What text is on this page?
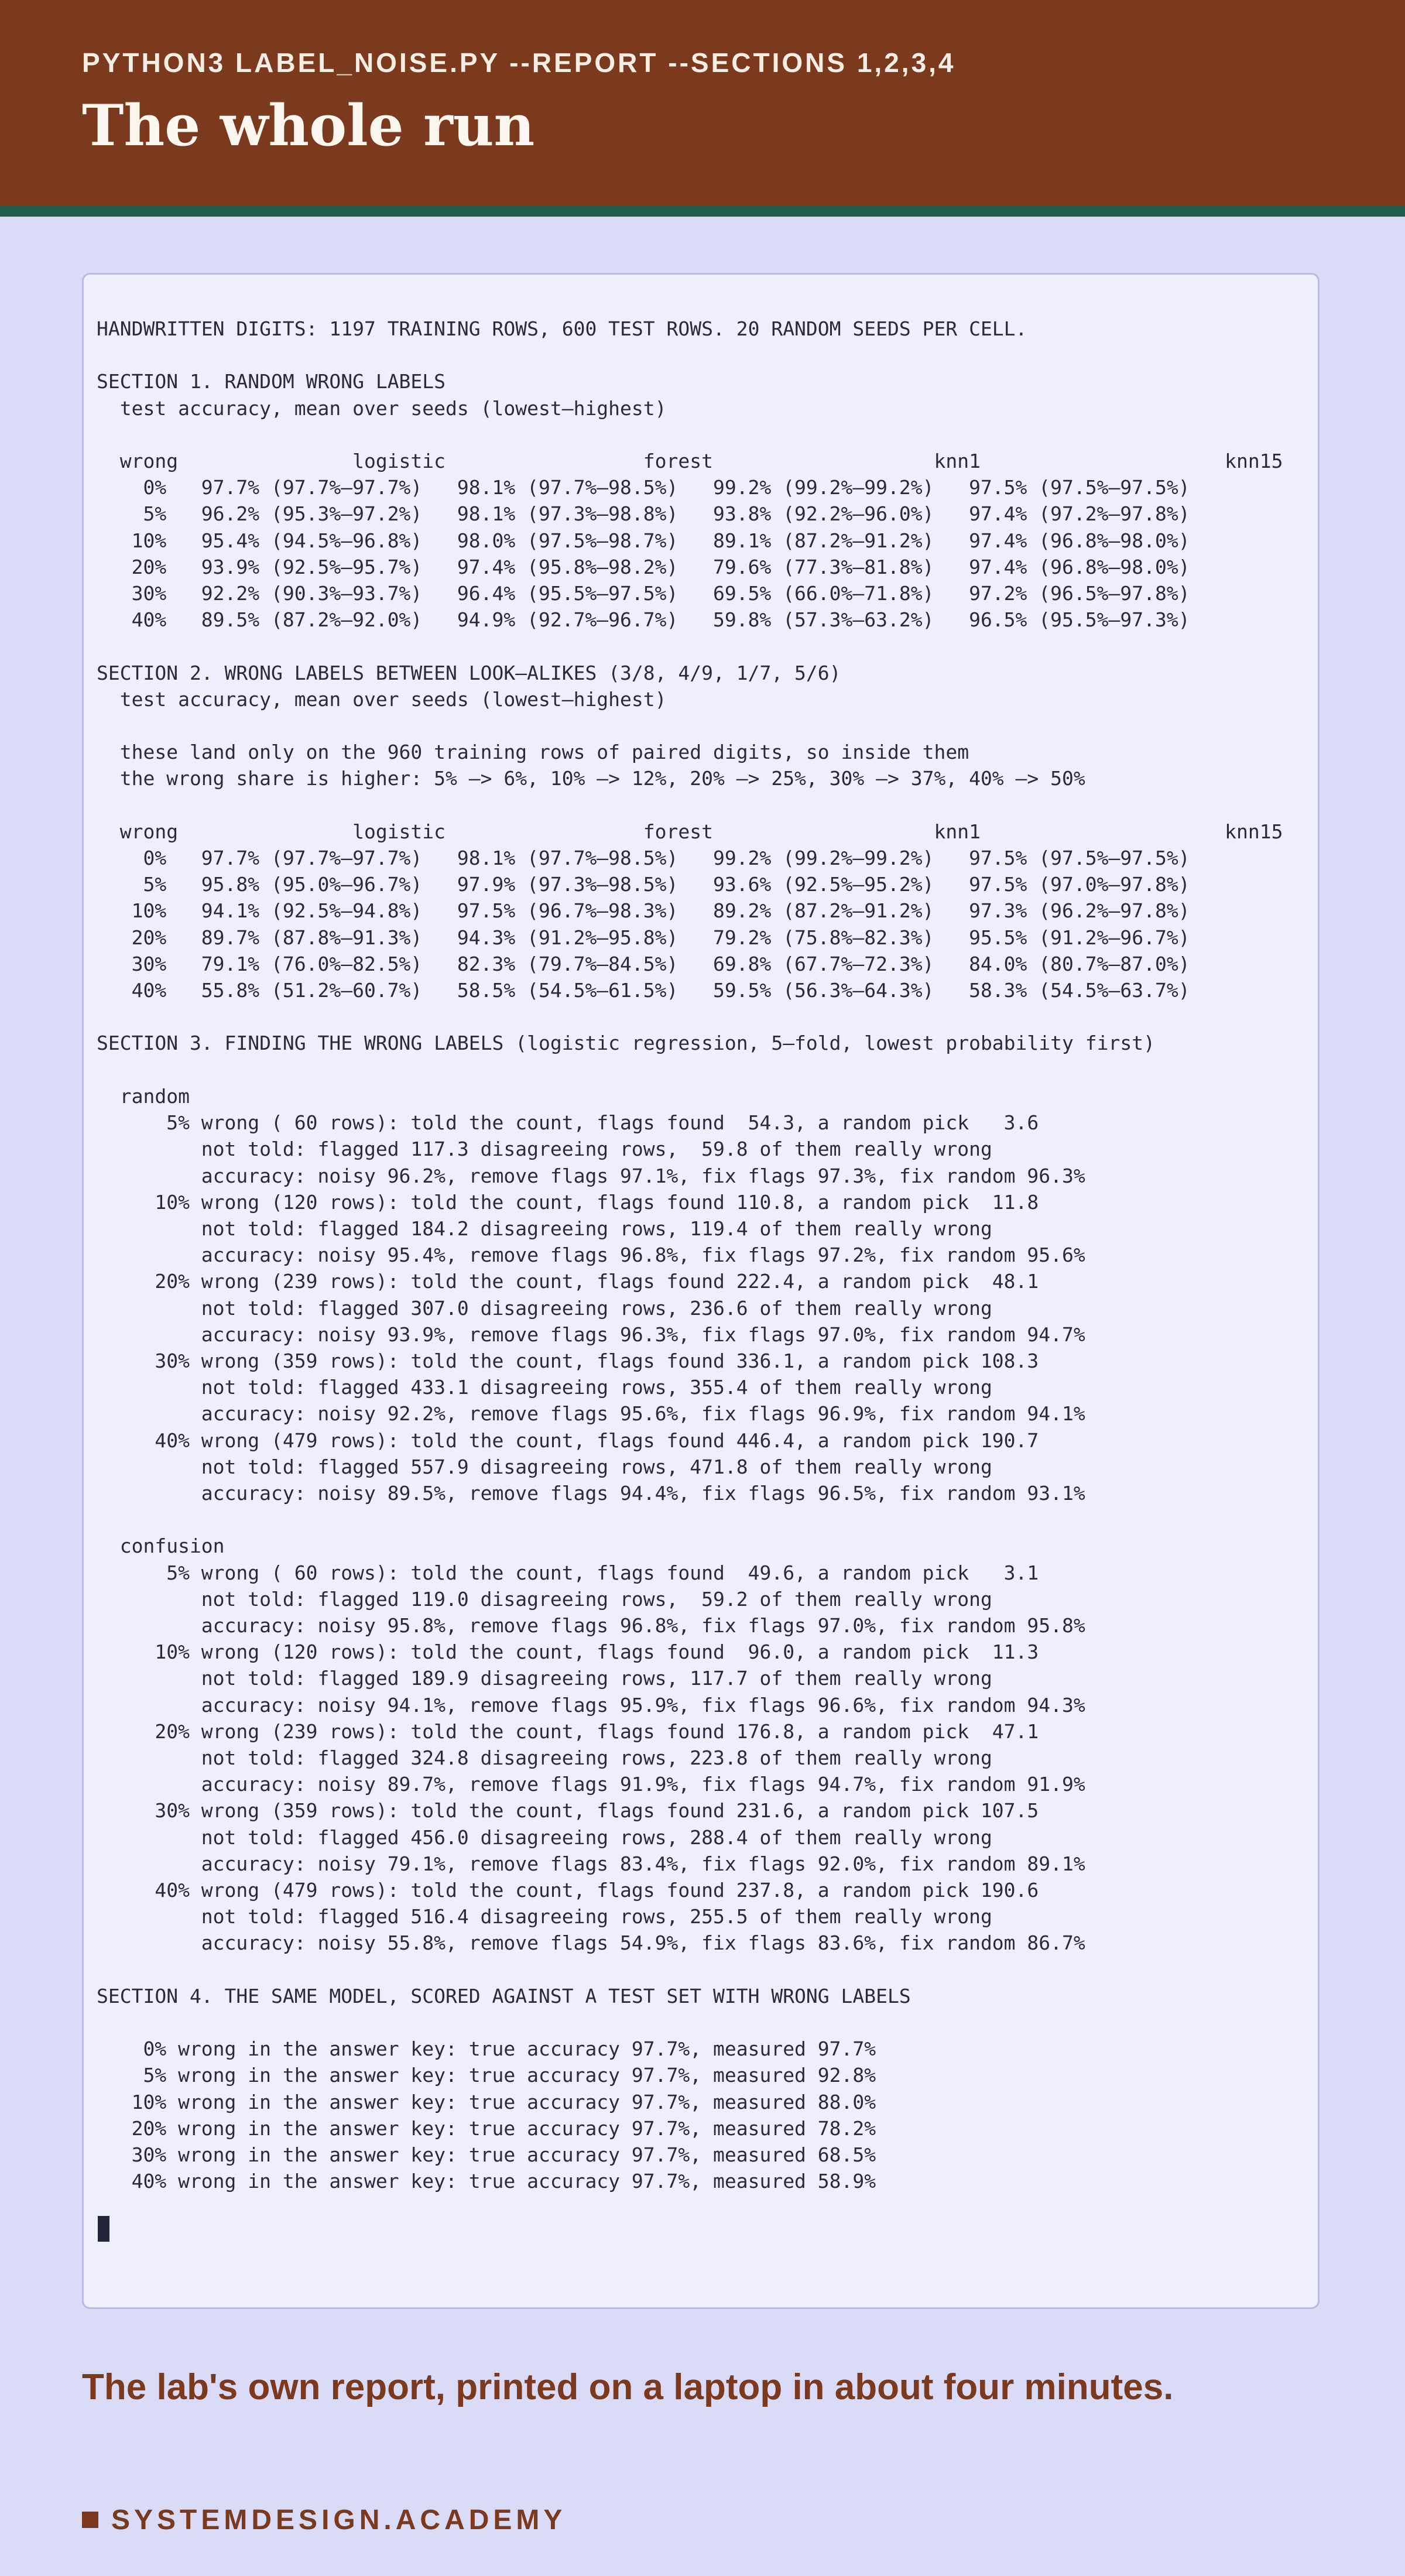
PYTHON3 LABEL_NOISE.PY --REPORT --SECTIONS 1,2,3,4
The whole run
HANDWRITTEN DIGITS: 1197 TRAINING ROWS, 600 TEST ROWS. 20 RANDOM SEEDS PER CELL.

SECTION 1. RANDOM WRONG LABELS
test accuracy, mean over seeds (lowest–highest)

wrong               logistic                 forest                   knn1                     knn15
0%   97.7% (97.7%–97.7%)   98.1% (97.7%–98.5%)   99.2% (99.2%–99.2%)   97.5% (97.5%–97.5%)
5%   96.2% (95.3%–97.2%)   98.1% (97.3%–98.8%)   93.8% (92.2%–96.0%)   97.4% (97.2%–97.8%)
10%   95.4% (94.5%–96.8%)   98.0% (97.5%–98.7%)   89.1% (87.2%–91.2%)   97.4% (96.8%–98.0%)
20%   93.9% (92.5%–95.7%)   97.4% (95.8%–98.2%)   79.6% (77.3%–81.8%)   97.4% (96.8%–98.0%)
30%   92.2% (90.3%–93.7%)   96.4% (95.5%–97.5%)   69.5% (66.0%–71.8%)   97.2% (96.5%–97.8%)
40%   89.5% (87.2%–92.0%)   94.9% (92.7%–96.7%)   59.8% (57.3%–63.2%)   96.5% (95.5%–97.3%)

SECTION 2. WRONG LABELS BETWEEN LOOK–ALIKES (3/8, 4/9, 1/7, 5/6)
test accuracy, mean over seeds (lowest–highest)

these land only on the 960 training rows of paired digits, so inside them
the wrong share is higher: 5% –> 6%, 10% –> 12%, 20% –> 25%, 30% –> 37%, 40% –> 50%

wrong               logistic                 forest                   knn1                     knn15
0%   97.7% (97.7%–97.7%)   98.1% (97.7%–98.5%)   99.2% (99.2%–99.2%)   97.5% (97.5%–97.5%)
5%   95.8% (95.0%–96.7%)   97.9% (97.3%–98.5%)   93.6% (92.5%–95.2%)   97.5% (97.0%–97.8%)
10%   94.1% (92.5%–94.8%)   97.5% (96.7%–98.3%)   89.2% (87.2%–91.2%)   97.3% (96.2%–97.8%)
20%   89.7% (87.8%–91.3%)   94.3% (91.2%–95.8%)   79.2% (75.8%–82.3%)   95.5% (91.2%–96.7%)
30%   79.1% (76.0%–82.5%)   82.3% (79.7%–84.5%)   69.8% (67.7%–72.3%)   84.0% (80.7%–87.0%)
40%   55.8% (51.2%–60.7%)   58.5% (54.5%–61.5%)   59.5% (56.3%–64.3%)   58.3% (54.5%–63.7%)

SECTION 3. FINDING THE WRONG LABELS (logistic regression, 5–fold, lowest probability first)

random
5% wrong ( 60 rows): told the count, flags found  54.3, a random pick   3.6
not told: flagged 117.3 disagreeing rows,  59.8 of them really wrong
accuracy: noisy 96.2%, remove flags 97.1%, fix flags 97.3%, fix random 96.3%
10% wrong (120 rows): told the count, flags found 110.8, a random pick  11.8
not told: flagged 184.2 disagreeing rows, 119.4 of them really wrong
accuracy: noisy 95.4%, remove flags 96.8%, fix flags 97.2%, fix random 95.6%
20% wrong (239 rows): told the count, flags found 222.4, a random pick  48.1
not told: flagged 307.0 disagreeing rows, 236.6 of them really wrong
accuracy: noisy 93.9%, remove flags 96.3%, fix flags 97.0%, fix random 94.7%
30% wrong (359 rows): told the count, flags found 336.1, a random pick 108.3
not told: flagged 433.1 disagreeing rows, 355.4 of them really wrong
accuracy: noisy 92.2%, remove flags 95.6%, fix flags 96.9%, fix random 94.1%
40% wrong (479 rows): told the count, flags found 446.4, a random pick 190.7
not told: flagged 557.9 disagreeing rows, 471.8 of them really wrong
accuracy: noisy 89.5%, remove flags 94.4%, fix flags 96.5%, fix random 93.1%

confusion
5% wrong ( 60 rows): told the count, flags found  49.6, a random pick   3.1
not told: flagged 119.0 disagreeing rows,  59.2 of them really wrong
accuracy: noisy 95.8%, remove flags 96.8%, fix flags 97.0%, fix random 95.8%
10% wrong (120 rows): told the count, flags found  96.0, a random pick  11.3
not told: flagged 189.9 disagreeing rows, 117.7 of them really wrong
accuracy: noisy 94.1%, remove flags 95.9%, fix flags 96.6%, fix random 94.3%
20% wrong (239 rows): told the count, flags found 176.8, a random pick  47.1
not told: flagged 324.8 disagreeing rows, 223.8 of them really wrong
accuracy: noisy 89.7%, remove flags 91.9%, fix flags 94.7%, fix random 91.9%
30% wrong (359 rows): told the count, flags found 231.6, a random pick 107.5
not told: flagged 456.0 disagreeing rows, 288.4 of them really wrong
accuracy: noisy 79.1%, remove flags 83.4%, fix flags 92.0%, fix random 89.1%
40% wrong (479 rows): told the count, flags found 237.8, a random pick 190.6
not told: flagged 516.4 disagreeing rows, 255.5 of them really wrong
accuracy: noisy 55.8%, remove flags 54.9%, fix flags 83.6%, fix random 86.7%

SECTION 4. THE SAME MODEL, SCORED AGAINST A TEST SET WITH WRONG LABELS

0% wrong in the answer key: true accuracy 97.7%, measured 97.7%
5% wrong in the answer key: true accuracy 97.7%, measured 92.8%
10% wrong in the answer key: true accuracy 97.7%, measured 88.0%
20% wrong in the answer key: true accuracy 97.7%, measured 78.2%
30% wrong in the answer key: true accuracy 97.7%, measured 68.5%
40% wrong in the answer key: true accuracy 97.7%, measured 58.9%
The lab's own report, printed on a laptop in about four minutes.
SYSTEMDESIGN.ACADEMY
